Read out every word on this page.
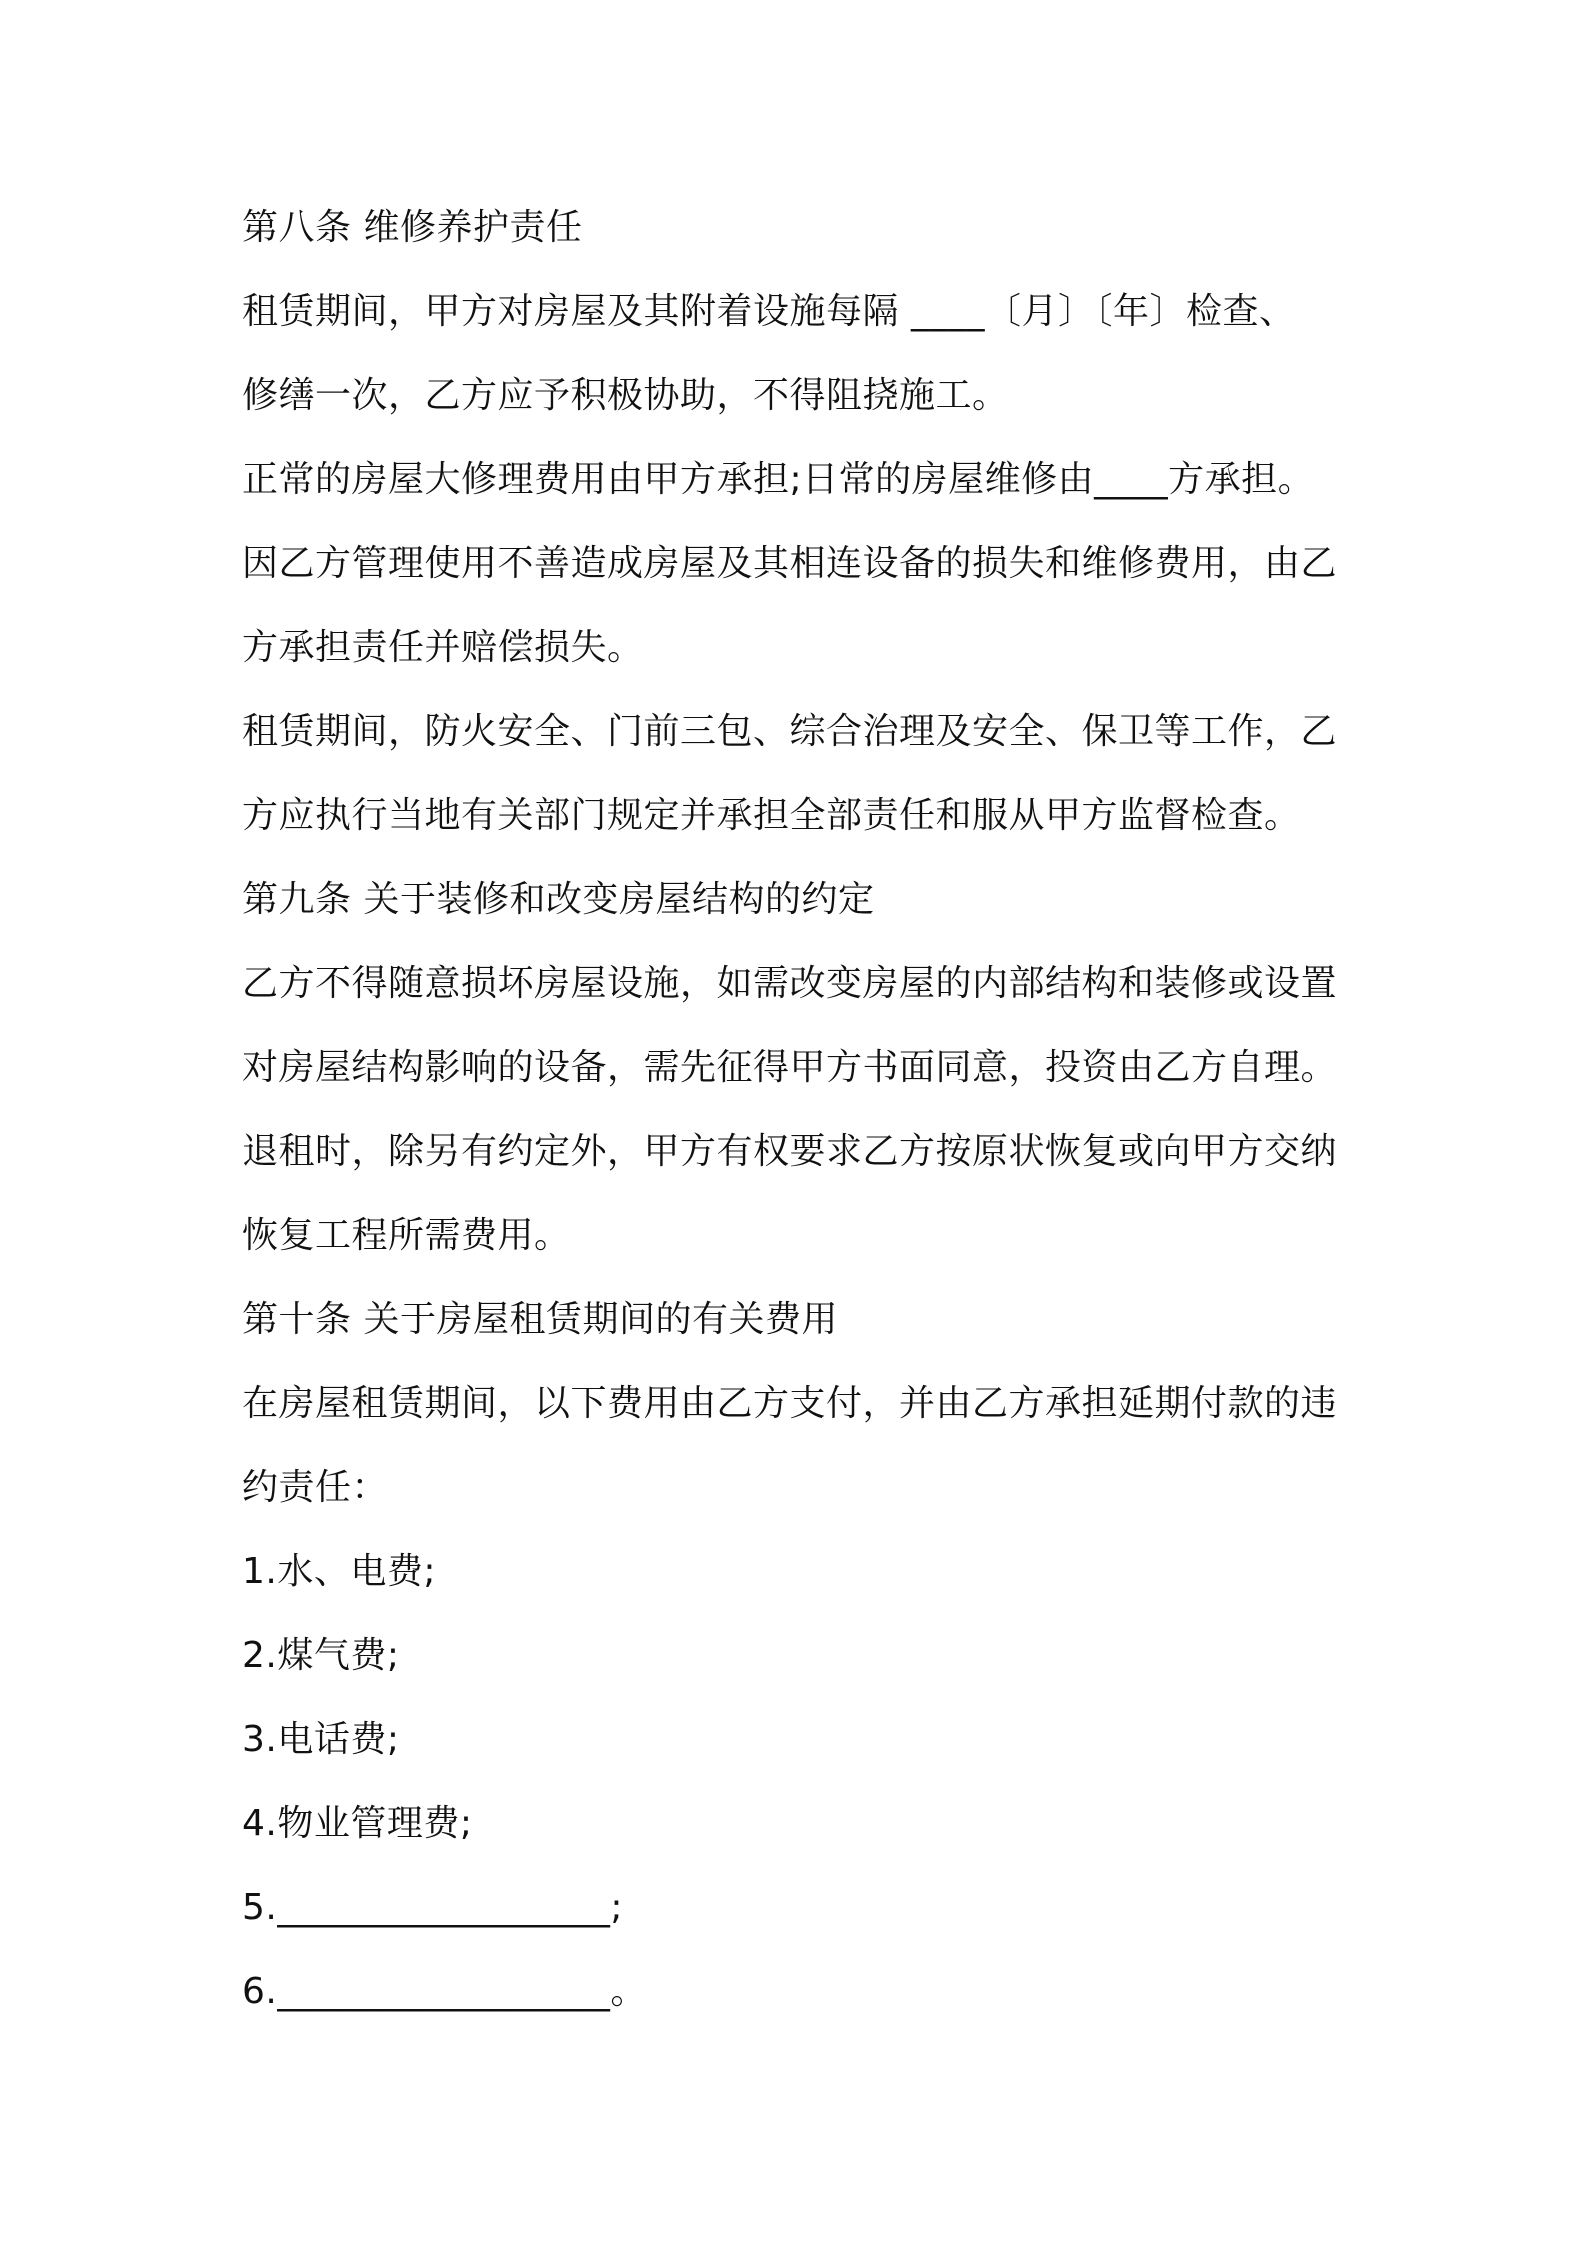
第八条 维修养护责任
租赁期间，甲方对房屋及其附着设施每隔 ____〔月〕〔年〕检查、
修缮一次，乙方应予积极协助，不得阻挠施工。
正常的房屋大修理费用由甲方承担;日常的房屋维修由____方承担。
因乙方管理使用不善造成房屋及其相连设备的损失和维修费用，由乙
方承担责任并赔偿损失。
租赁期间，防火安全、门前三包、综合治理及安全、保卫等工作，乙
方应执行当地有关部门规定并承担全部责任和服从甲方监督检查。
第九条 关于装修和改变房屋结构的约定
乙方不得随意损坏房屋设施，如需改变房屋的内部结构和装修或设置
对房屋结构影响的设备，需先征得甲方书面同意，投资由乙方自理。
退租时，除另有约定外，甲方有权要求乙方按原状恢复或向甲方交纳
恢复工程所需费用。
第十条 关于房屋租赁期间的有关费用
在房屋租赁期间，以下费用由乙方支付，并由乙方承担延期付款的违
约责任：
1.水、电费;
2.煤气费;
3.电话费;
4.物业管理费;
5.__________________;
6.__________________。
